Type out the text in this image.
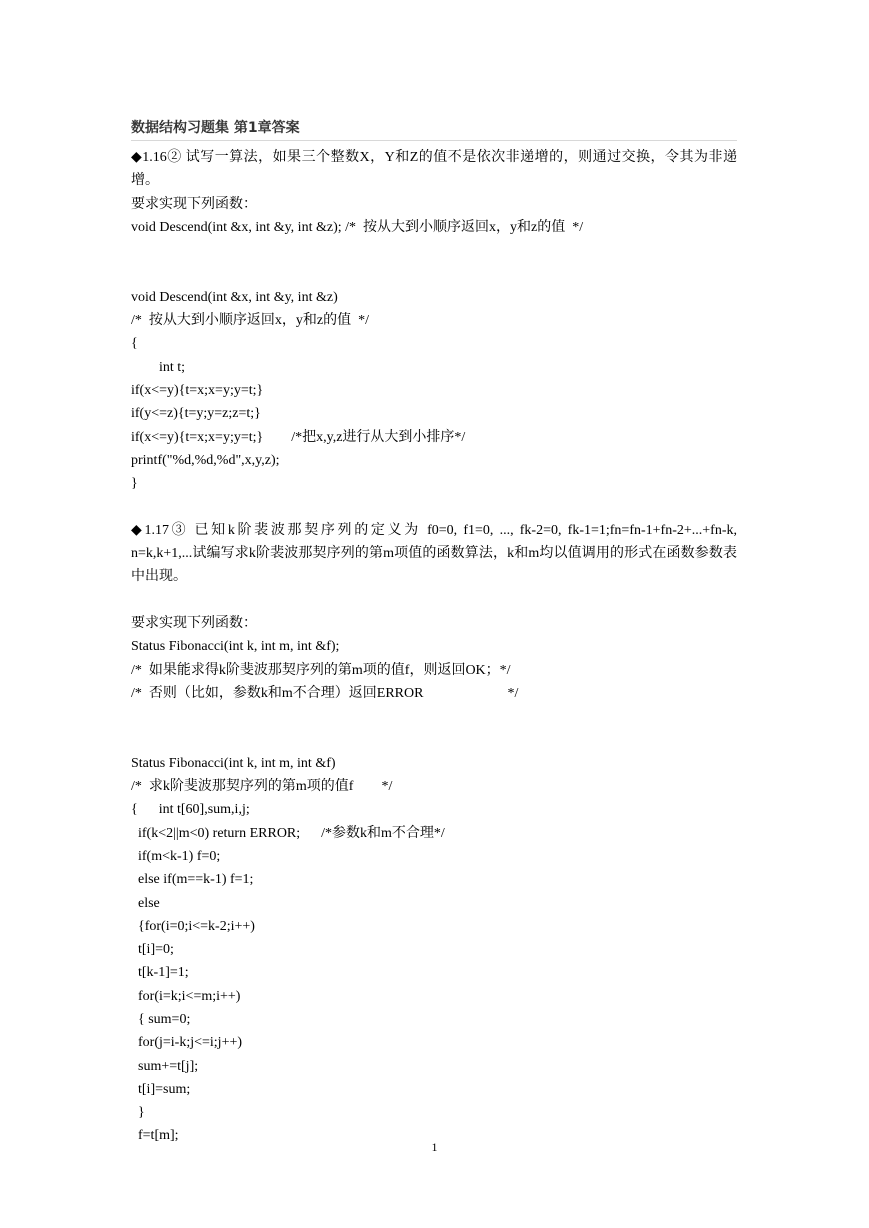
数据结构习题集 第1章答案
◆1.16② 试写一算法，如果三个整数X，Y和Z的值不是依次非递增的，则通过交换，令其为非递增。
要求实现下列函数：
void Descend(int &x, int &y, int &z); /*  按从大到小顺序返回x，y和z的值  */
void Descend(int &x, int &y, int &z)
/*  按从大到小顺序返回x，y和z的值  */
{
int t;
if(x<=y){t=x;x=y;y=t;}
if(y<=z){t=y;y=z;z=t;}
if(x<=y){t=x;x=y;y=t;}        /*把x,y,z进行从大到小排序*/
printf("%d,%d,%d",x,y,z);
}
◆1.17③ 已知k阶裴波那契序列的定义为 f0=0, f1=0, ..., fk-2=0, fk-1=1;fn=fn-1+fn-2+...+fn-k, n=k,k+1,...试编写求k阶裴波那契序列的第m项值的函数算法，k和m均以值调用的形式在函数参数表中出现。
要求实现下列函数：
Status Fibonacci(int k, int m, int &f);
/*  如果能求得k阶斐波那契序列的第m项的值f，则返回OK；*/
/*  否则（比如，参数k和m不合理）返回ERROR                        */
Status Fibonacci(int k, int m, int &f)
/*  求k阶斐波那契序列的第m项的值f        */
{      int t[60],sum,i,j;
if(k<2||m<0) return ERROR;      /*参数k和m不合理*/
if(m<k-1) f=0;
else if(m==k-1) f=1;
else
{for(i=0;i<=k-2;i++)
t[i]=0;
t[k-1]=1;
for(i=k;i<=m;i++)
{ sum=0;
for(j=i-k;j<=i;j++)
sum+=t[j];
t[i]=sum;
}
f=t[m];
1
